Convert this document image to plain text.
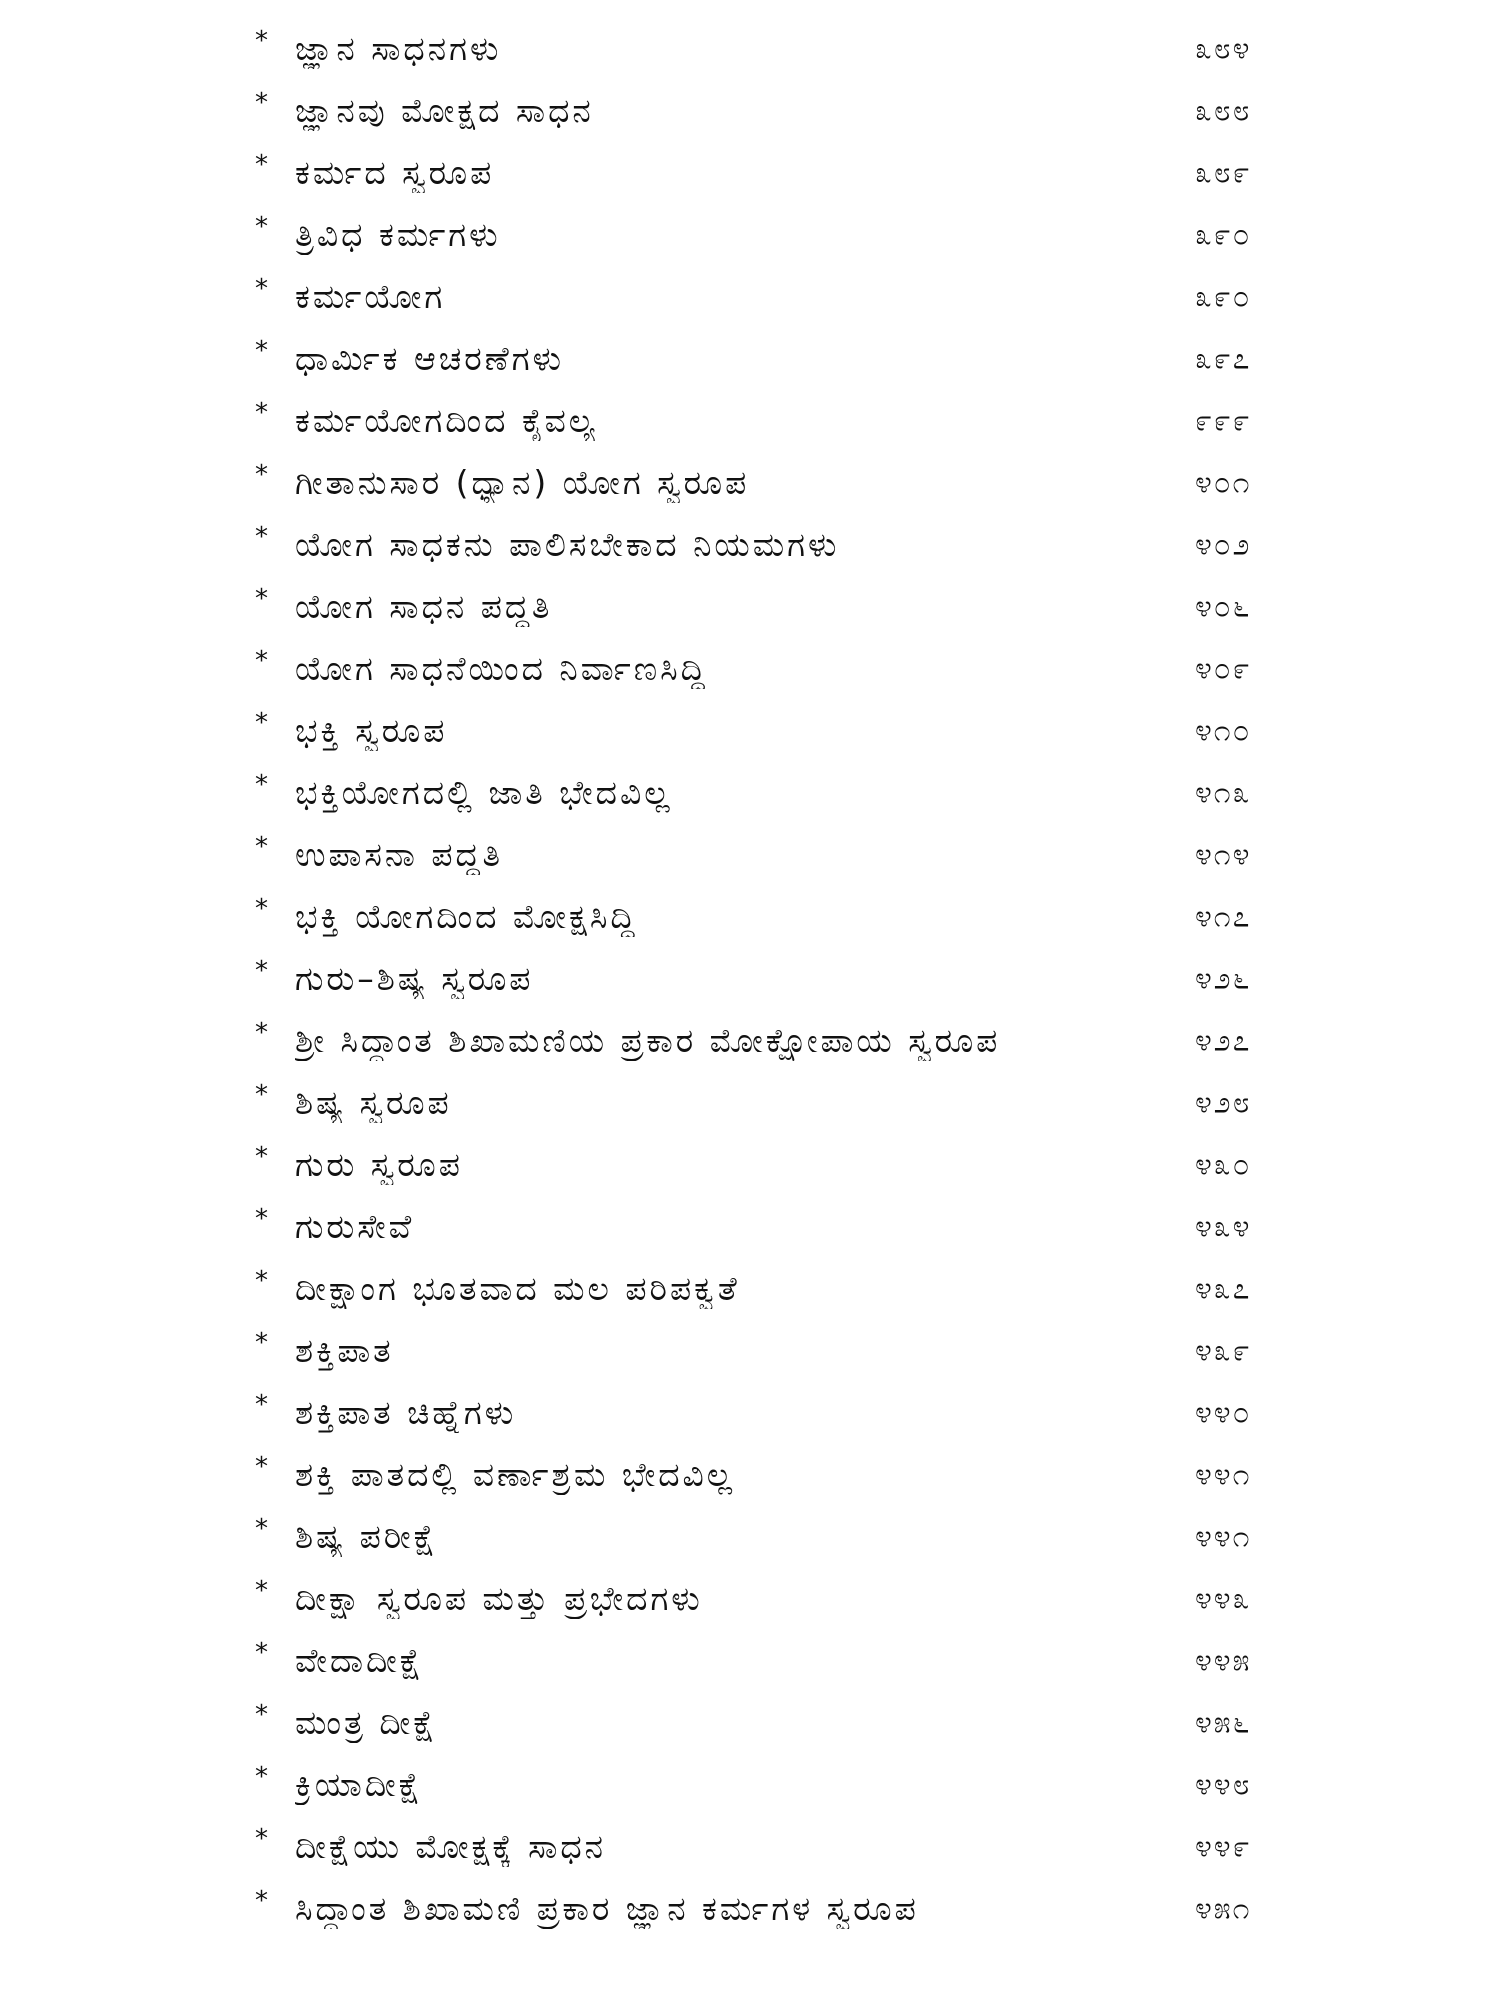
* ಜ್ಞಾನ ಸಾಧನಗಳು	೩೮೪
* ಜ್ಞಾನವು ಮೋಕ್ಷದ ಸಾಧನ	೩೮೮
* ಕರ್ಮದ ಸ್ವರೂಪ	೩೮೯
* ತ್ರಿವಿಧ ಕರ್ಮಗಳು	೩೯೦
* ಕರ್ಮಯೋಗ	೩೯೦
* ಧಾರ್ಮಿಕ ಆಚರಣೆಗಳು	೩೯೭
* ಕರ್ಮಯೋಗದಿಂದ ಕೈವಲ್ಯ	೯೯೯
* ಗೀತಾನುಸಾರ (ಧ್ಯಾನ) ಯೋಗ ಸ್ವರೂಪ	೪೦೧
* ಯೋಗ ಸಾಧಕನು ಪಾಲಿಸಬೇಕಾದ ನಿಯಮಗಳು	೪೦೨
* ಯೋಗ ಸಾಧನ ಪದ್ಧತಿ	೪೦೬
* ಯೋಗ ಸಾಧನೆಯಿಂದ ನಿರ್ವಾಣಸಿದ್ಧಿ	೪೦೯
* ಭಕ್ತಿ ಸ್ವರೂಪ	೪೧೦
* ಭಕ್ತಿಯೋಗದಲ್ಲಿ ಜಾತಿ ಭೇದವಿಲ್ಲ	೪೧೩
* ಉಪಾಸನಾ ಪದ್ಧತಿ	೪೧೪
* ಭಕ್ತಿ ಯೋಗದಿಂದ ಮೋಕ್ಷಸಿದ್ಧಿ	೪೧೭
* ಗುರು–ಶಿಷ್ಯ ಸ್ವರೂಪ	೪೨೬
* ಶ್ರೀ ಸಿದ್ಧಾಂತ ಶಿಖಾಮಣಿಯ ಪ್ರಕಾರ ಮೋಕ್ಷೋಪಾಯ ಸ್ವರೂಪ	೪೨೭
* ಶಿಷ್ಯ ಸ್ವರೂಪ	೪೨೮
* ಗುರು ಸ್ವರೂಪ	೪೩೦
* ಗುರುಸೇವೆ	೪೩೪
* ದೀಕ್ಷಾಂಗ ಭೂತವಾದ ಮಲ ಪರಿಪಕ್ವತೆ	೪೩೭
* ಶಕ್ತಿಪಾತ	೪೩೯
* ಶಕ್ತಿಪಾತ ಚಿಹ್ನೆಗಳು	೪೪೦
* ಶಕ್ತಿ ಪಾತದಲ್ಲಿ ವರ್ಣಾಶ್ರಮ ಭೇದವಿಲ್ಲ	೪೪೧
* ಶಿಷ್ಯ ಪರೀಕ್ಷೆ	೪೪೧
* ದೀಕ್ಷಾ ಸ್ವರೂಪ ಮತ್ತು ಪ್ರಭೇದಗಳು	೪೪೩
* ವೇದಾದೀಕ್ಷೆ	೪೪೫
* ಮಂತ್ರ ದೀಕ್ಷೆ	೪೫೬
* ಕ್ರಿಯಾದೀಕ್ಷೆ	೪೪೮
* ದೀಕ್ಷೆಯು ಮೋಕ್ಷಕ್ಕೆ ಸಾಧನ	೪೪೯
* ಸಿದ್ಧಾಂತ ಶಿಖಾಮಣಿ ಪ್ರಕಾರ ಜ್ಞಾನ ಕರ್ಮಗಳ ಸ್ವರೂಪ	೪೫೧
